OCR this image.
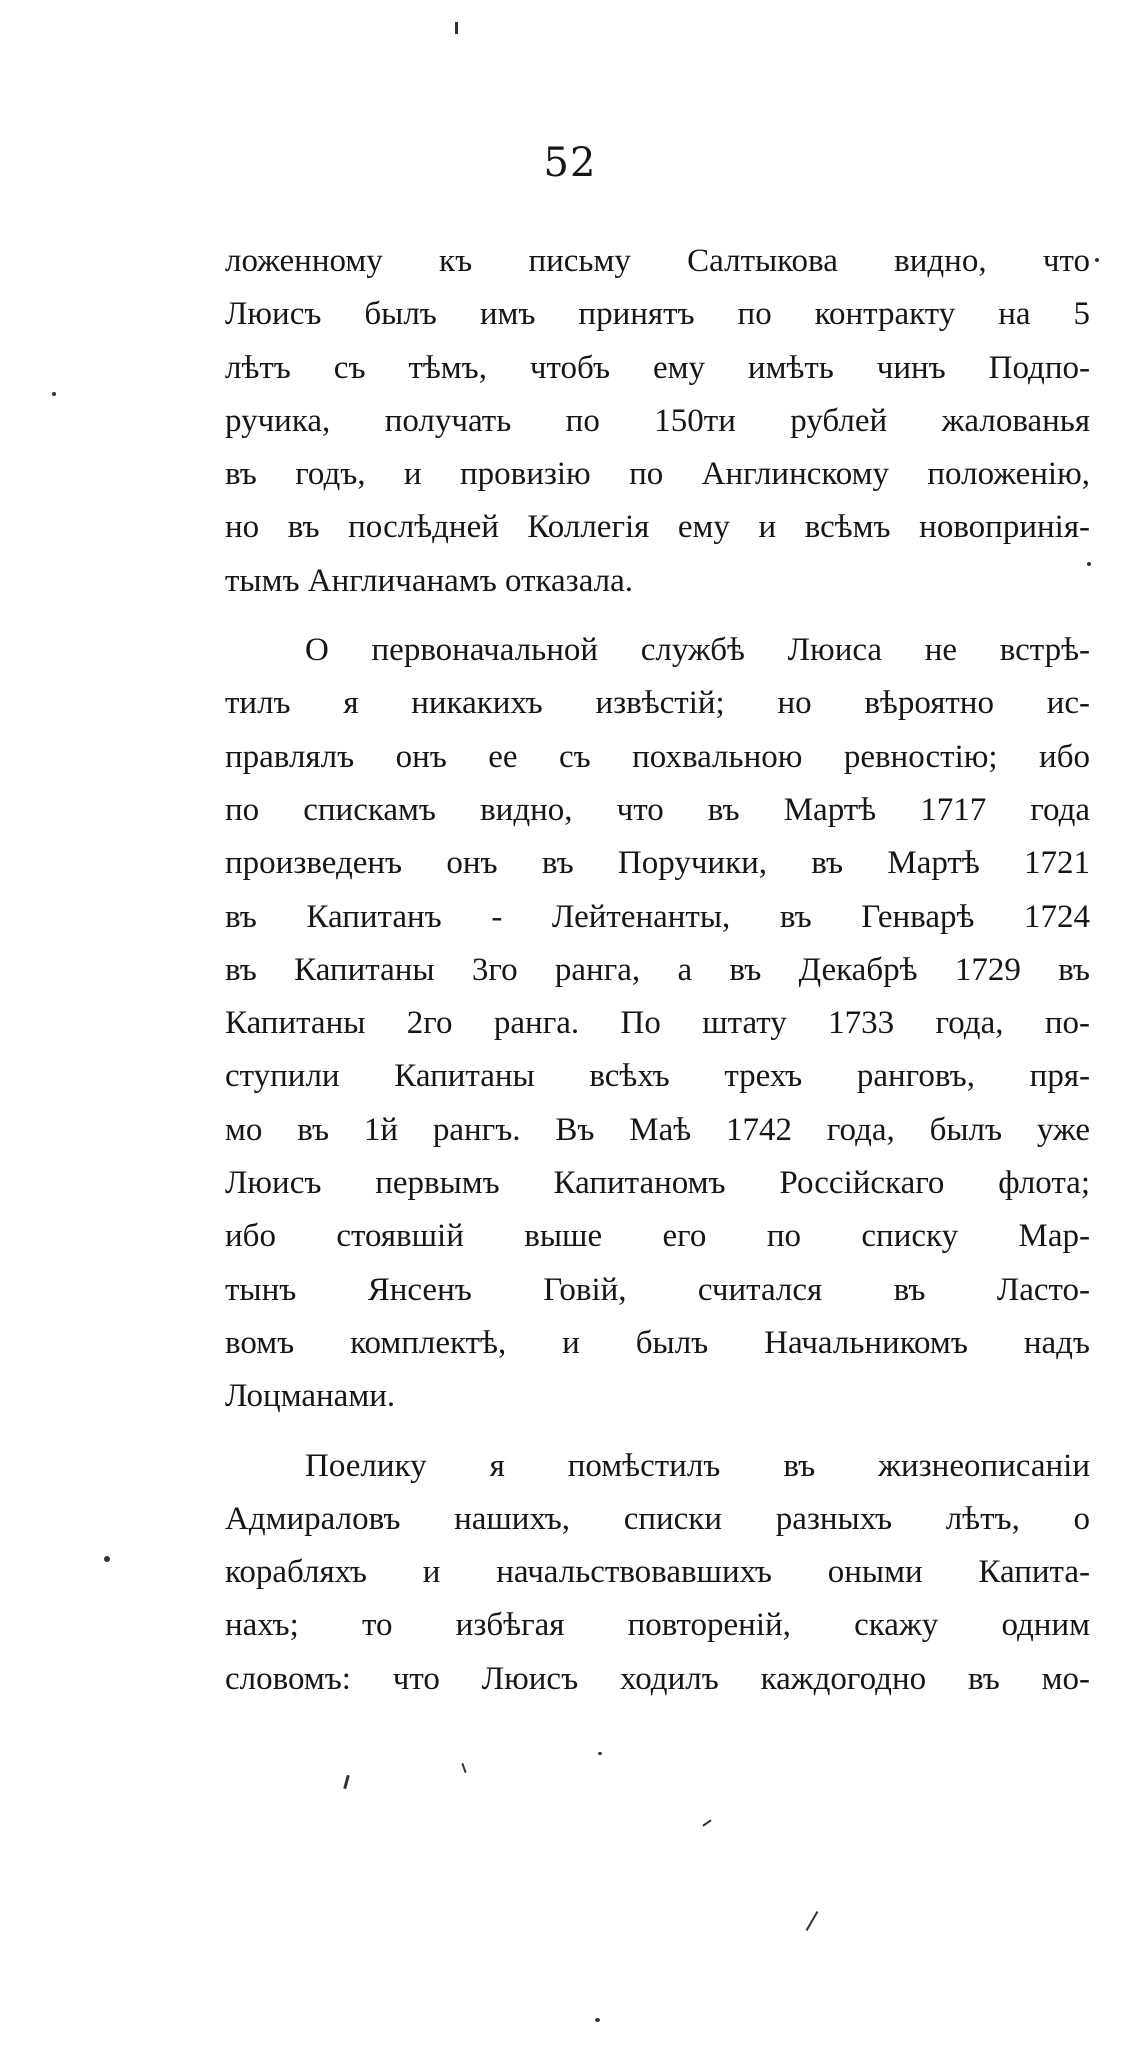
52
ложенному къ письму Салтыкова видно, что
Люисъ былъ имъ принятъ по контракту на 5
лѣтъ съ тѣмъ, чтобъ ему имѣть чинъ Подпо-
ручика, получать по 150ти рублей жалованья
въ годъ, и провизію по Англинскому положенію,
но въ послѣдней Коллегія ему и всѣмъ новопринія-
тымъ Англичанамъ отказала.
О первоначальной службѣ Люиса не встрѣ-
тилъ я никакихъ извѣстій; но вѣроятно ис-
правлялъ онъ ее съ похвальною ревностію; ибо
по спискамъ видно, что въ Мартѣ 1717 года
произведенъ онъ въ Поручики, въ Мартѣ 1721
въ Капитанъ - Лейтенанты, въ Генварѣ 1724
въ Капитаны 3го ранга, а въ Декабрѣ 1729 въ
Капитаны 2го ранга. По штату 1733 года, по-
ступили Капитаны всѣхъ трехъ ранговъ, пря-
мо въ 1й рангъ. Въ Маѣ 1742 года, былъ уже
Люисъ первымъ Капитаномъ Россійскаго флота;
ибо стоявшій выше его по списку Мар-
тынъ Янсенъ Говій, считался въ Ласто-
вомъ комплектѣ, и былъ Начальникомъ надъ
Лоцманами.
Поелику я помѣстилъ въ жизнеописаніи
Адмираловъ нашихъ, списки разныхъ лѣтъ, о
корабляхъ и начальствовавшихъ оными Капита-
нахъ; то избѣгая повтореній, скажу одним
словомъ: что Люисъ ходилъ каждогодно въ мо-
